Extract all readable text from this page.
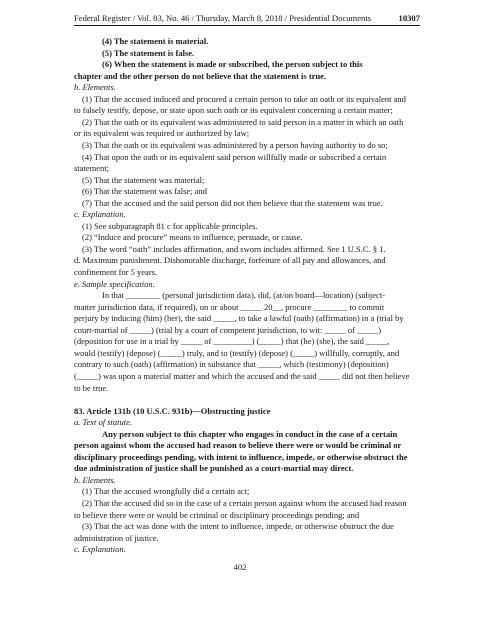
Federal Register / Vol. 83, No. 46 / Thursday, March 8, 2018 / Presidential Documents	10307
(4) The statement is material.
(5) The statement is false.
(6) When the statement is made or subscribed, the person subject to this
chapter and the other person do not believe that the statement is true.
b. Elements.
(1) That the accused induced and procured a certain person to take an oath or its equivalent and
to falsely testify, depose, or state upon such oath or its equivalent concerning a certain matter;
(2) That the oath or its equivalent was administered to said person in a matter in which an oath
or its equivalent was required or authorized by law;
(3) That the oath or its equivalent was administered by a person having authority to do so;
(4) That upon the oath or its equivalent said person willfully made or subscribed a certain
statement;
(5) That the statement was material;
(6) That the statement was false; and
(7) That the accused and the said person did not then believe that the statement was true.
c. Explanation.
(1) See subparagraph 81 c for applicable principles.
(2) “Induce and procure” means to influence, persuade, or cause.
(3) The word “oath” includes affirmation, and sworn includes affirmed. See 1 U.S.C. § 1.
d. Maximum punishment. Dishonorable discharge, forfeiture of all pay and allowances, and
confinement for 5 years.
e. Sample specification.
In that ________ (personal jurisdiction data), did, (at/on board—location) (subject-
matter jurisdiction data, if required), on or about _____ 20__, procure ________ to commit
perjury by inducing (him) (her), the said _____, to take a lawful (oath) (affirmation) in a (trial by
court-martial of _____) (trial by a court of competent jurisdiction, to wit: _____ of _____)
(deposition for use in a trial by _____ of _________) (_____) that (he) (she), the said _____,
would (testify) (depose) (_____) truly, and to (testify) (depose) (_____) willfully, corruptly, and
contrary to such (oath) (affirmation) in substance that _____, which (testimony) (deposition)
(_____) was upon a material matter and which the accused and the said _____ did not then believe
to be true.
83. Article 131b (10 U.S.C. 931b)—Obstructing justice
a. Text of statute.
Any person subject to this chapter who engages in conduct in the case of a certain
person against whom the accused had reason to believe there were or would be criminal or
disciplinary proceedings pending, with intent to influence, impede, or otherwise obstruct the
due administration of justice shall be punished as a court-martial may direct.
b. Elements.
(1) That the accused wrongfully did a certain act;
(2) That the accused did so in the case of a certain person against whom the accused had reason
to believe there were or would be criminal or disciplinary proceedings pending; and
(3) That the act was done with the intent to influence, impede, or otherwise obstruct the due
administration of justice.
c. Explanation.
402
